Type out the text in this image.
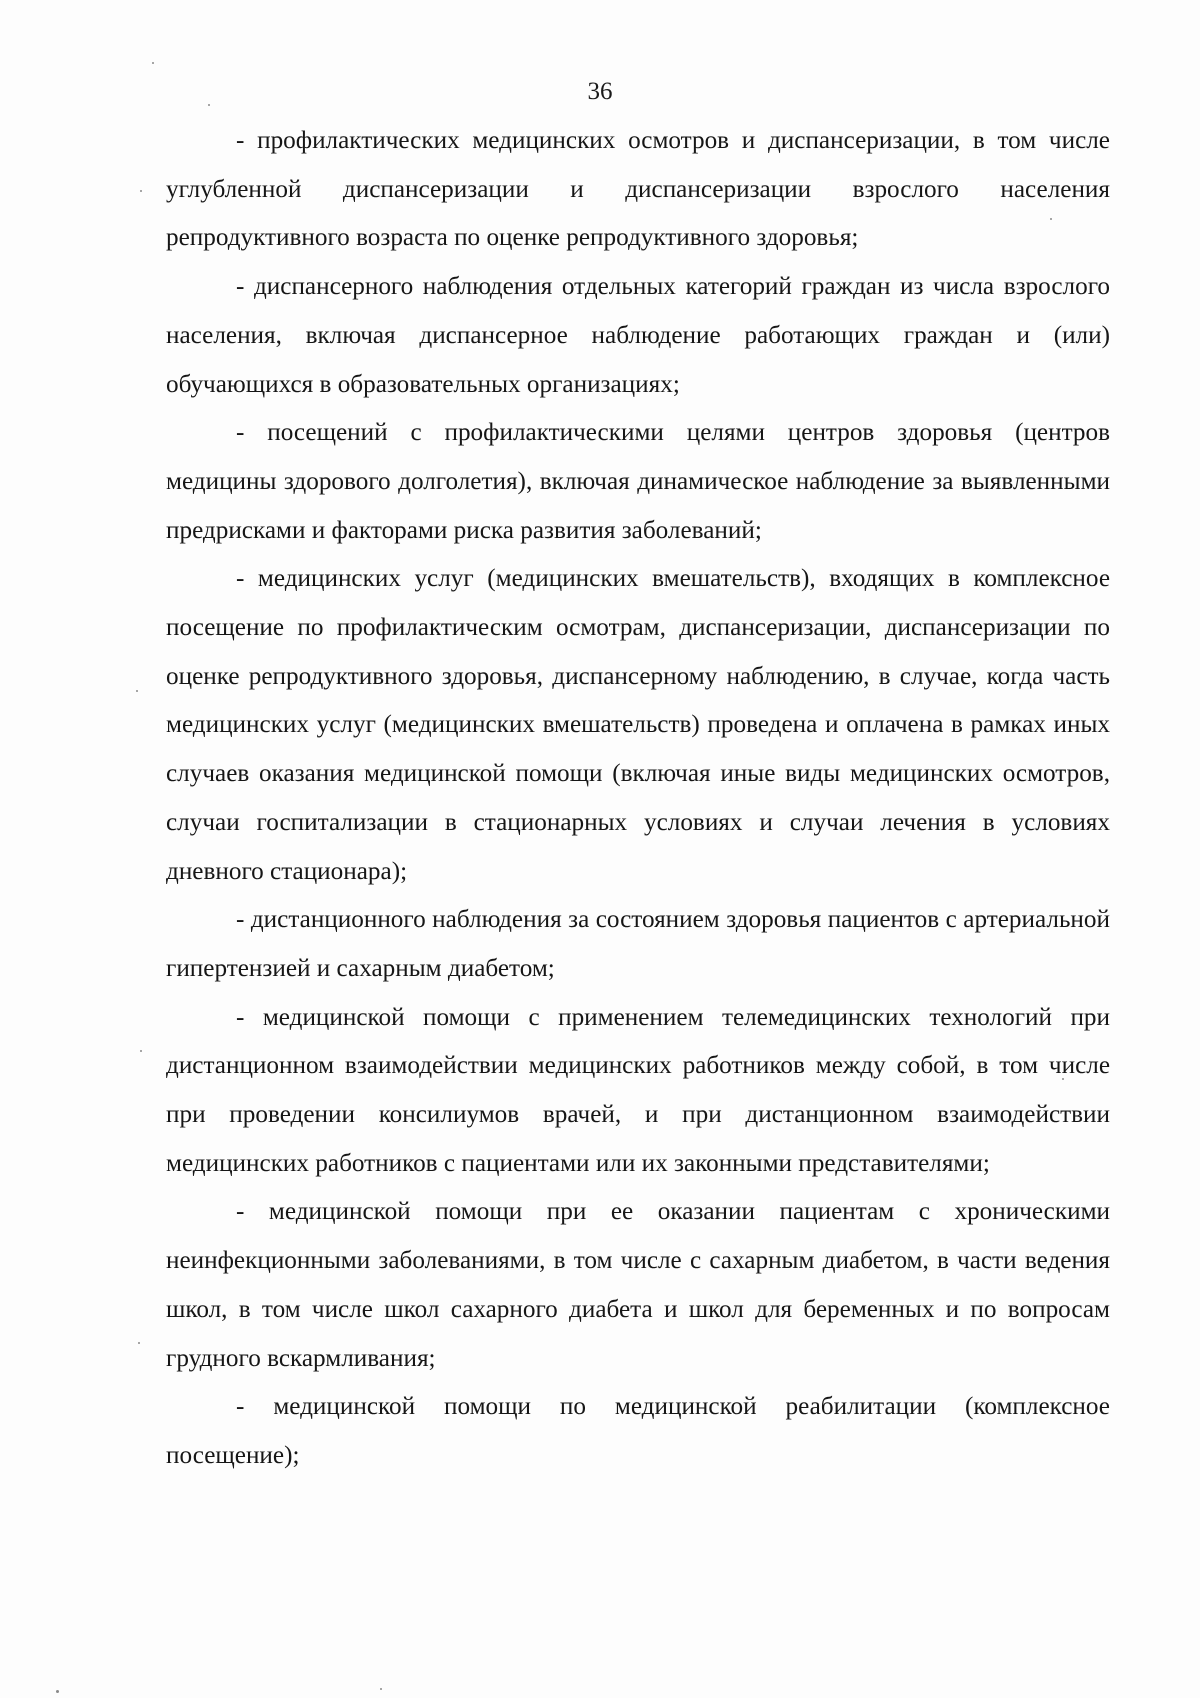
36

- профилактических медицинских осмотров и диспансеризации, в том числе углубленной диспансеризации и диспансеризации взрослого населения репродуктивного возраста по оценке репродуктивного здоровья;

- диспансерного наблюдения отдельных категорий граждан из числа взрослого населения, включая диспансерное наблюдение работающих граждан и (или) обучающихся в образовательных организациях;

- посещений с профилактическими целями центров здоровья (центров медицины здорового долголетия), включая динамическое наблюдение за выявленными предрисками и факторами риска развития заболеваний;

- медицинских услуг (медицинских вмешательств), входящих в комплексное посещение по профилактическим осмотрам, диспансеризации, диспансеризации по оценке репродуктивного здоровья, диспансерному наблюдению, в случае, когда часть медицинских услуг (медицинских вмешательств) проведена и оплачена в рамках иных случаев оказания медицинской помощи (включая иные виды медицинских осмотров, случаи госпитализации в стационарных условиях и случаи лечения в условиях дневного стационара);

- дистанционного наблюдения за состоянием здоровья пациентов с артериальной гипертензией и сахарным диабетом;

- медицинской помощи с применением телемедицинских технологий при дистанционном взаимодействии медицинских работников между собой, в том числе при проведении консилиумов врачей, и при дистанционном взаимодействии медицинских работников с пациентами или их законными представителями;

- медицинской помощи при ее оказании пациентам с хроническими неинфекционными заболеваниями, в том числе с сахарным диабетом, в части ведения школ, в том числе школ сахарного диабета и школ для беременных и по вопросам грудного вскармливания;

- медицинской помощи по медицинской реабилитации (комплексное посещение);
